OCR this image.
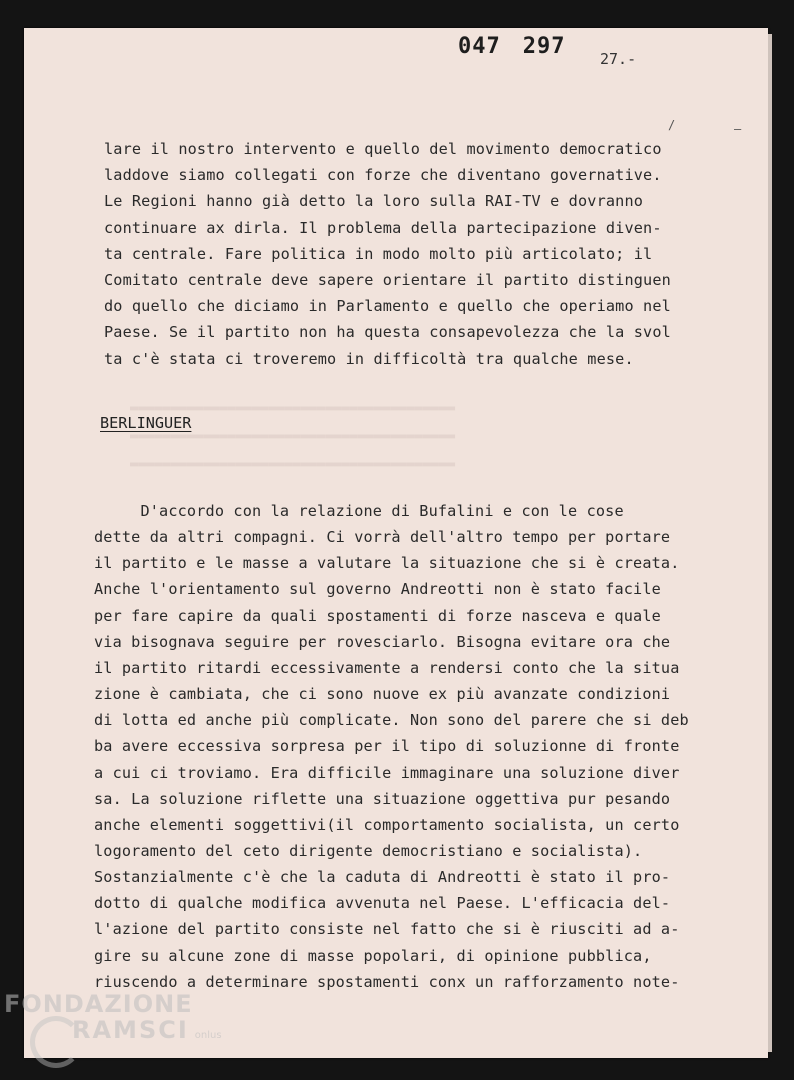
▬▬▬▬▬▬▬▬▬▬▬▬▬▬▬▬▬▬▬▬▬▬▬▬▬▬▬▬▬▬▬▬▬▬▬▬▬▬▬▬
▬▬▬▬▬▬▬▬▬▬▬▬▬▬▬▬▬▬▬▬▬▬▬▬▬▬▬▬▬▬▬▬▬▬▬▬▬▬▬▬
▬▬▬▬▬▬▬▬▬▬▬▬▬▬▬▬▬▬▬▬▬▬▬▬▬▬▬▬▬▬▬▬▬▬▬▬▬▬▬▬
047 297 27.-
–
/
lare il nostro intervento e quello del movimento democratico
laddove siamo collegati con forze che diventano governative.
Le Regioni hanno già detto la loro sulla RAI-TV e dovranno
continuare ax dirla. Il problema della partecipazione diven-
ta centrale. Fare politica in modo molto più articolato; il
Comitato centrale deve sapere orientare il partito distinguen
do quello che diciamo in Parlamento e quello che operiamo nel
Paese. Se il partito non ha questa consapevolezza che la svol
ta c'è stata ci troveremo in difficoltà tra qualche mese.
BERLINGUER
D'accordo con la relazione di Bufalini e con le cose
dette da altri compagni. Ci vorrà dell'altro tempo per portare
il partito e le masse a valutare la situazione che si è creata.
Anche l'orientamento sul governo Andreotti non è stato facile
per fare capire da quali spostamenti di forze nasceva e quale
via bisognava seguire per rovesciarlo. Bisogna evitare ora che
il partito ritardi eccessivamente a rendersi conto che la situa
zione è cambiata, che ci sono nuove ex più avanzate condizioni
di lotta ed anche più complicate. Non sono del parere che si deb
ba avere eccessiva sorpresa per il tipo di soluzionne di fronte
a cui ci troviamo. Era difficile immaginare una soluzione diver
sa. La soluzione riflette una situazione oggettiva pur pesando
anche elementi soggettivi(il comportamento socialista, un certo
logoramento del ceto dirigente democristiano e socialista).
Sostanzialmente c'è che la caduta di Andreotti è stato il pro-
dotto di qualche modifica avvenuta nel Paese. L'efficacia del-
l'azione del partito consiste nel fatto che si è riusciti ad a-
gire su alcune zone di masse popolari, di opinione pubblica,
riuscendo a determinare spostamenti conx un rafforzamento note-
FONDAZIONE
RAMSCI onlus
